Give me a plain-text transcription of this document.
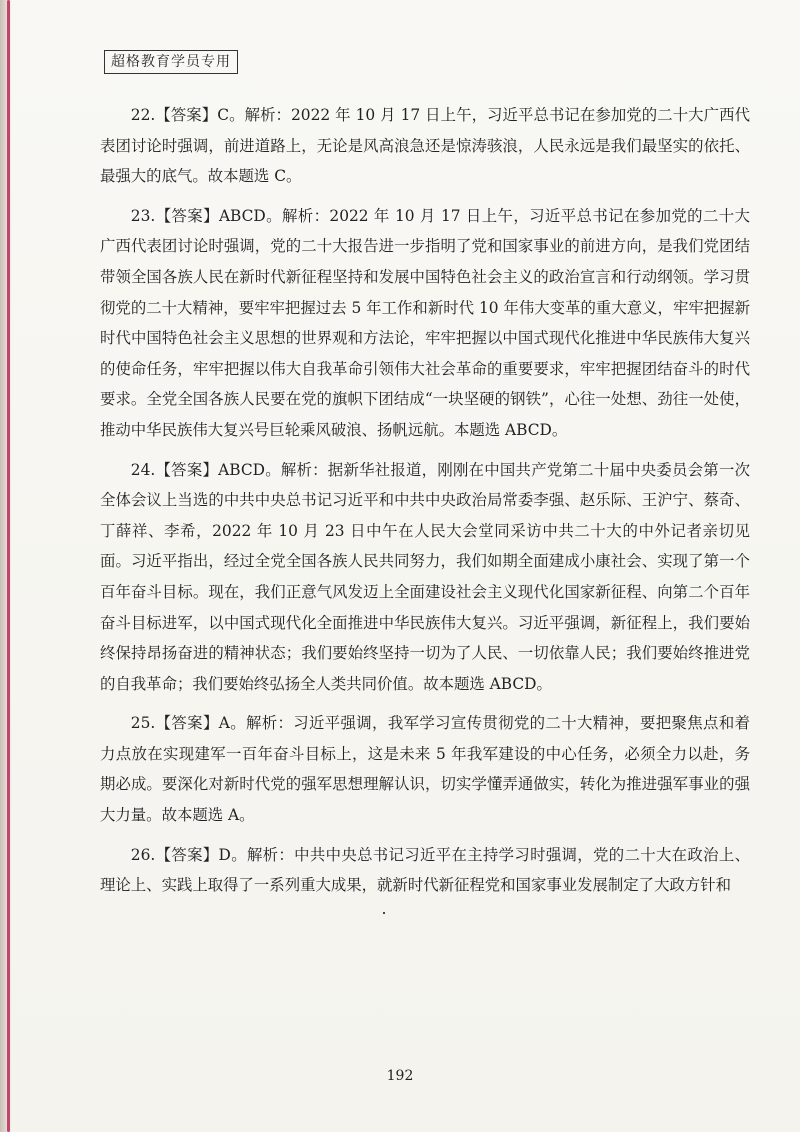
超格教育学员专用

22.【答案】C。解析：2022 年 10 月 17 日上午，习近平总书记在参加党的二十大广西代表团讨论时强调，前进道路上，无论是风高浪急还是惊涛骇浪，人民永远是我们最坚实的依托、最强大的底气。故本题选 C。

23.【答案】ABCD。解析：2022 年 10 月 17 日上午，习近平总书记在参加党的二十大广西代表团讨论时强调，党的二十大报告进一步指明了党和国家事业的前进方向，是我们党团结带领全国各族人民在新时代新征程坚持和发展中国特色社会主义的政治宣言和行动纲领。学习贯彻党的二十大精神，要牢牢把握过去 5 年工作和新时代 10 年伟大变革的重大意义，牢牢把握新时代中国特色社会主义思想的世界观和方法论，牢牢把握以中国式现代化推进中华民族伟大复兴的使命任务，牢牢把握以伟大自我革命引领伟大社会革命的重要要求，牢牢把握团结奋斗的时代要求。全党全国各族人民要在党的旗帜下团结成“一块坚硬的钢铁”，心往一处想、劲往一处使，推动中华民族伟大复兴号巨轮乘风破浪、扬帆远航。本题选 ABCD。

24.【答案】ABCD。解析：据新华社报道，刚刚在中国共产党第二十届中央委员会第一次全体会议上当选的中共中央总书记习近平和中共中央政治局常委李强、赵乐际、王沪宁、蔡奇、丁薛祥、李希，2022 年 10 月 23 日中午在人民大会堂同采访中共二十大的中外记者亲切见面。习近平指出，经过全党全国各族人民共同努力，我们如期全面建成小康社会、实现了第一个百年奋斗目标。现在，我们正意气风发迈上全面建设社会主义现代化国家新征程、向第二个百年奋斗目标进军，以中国式现代化全面推进中华民族伟大复兴。习近平强调，新征程上，我们要始终保持昂扬奋进的精神状态；我们要始终坚持一切为了人民、一切依靠人民；我们要始终推进党的自我革命；我们要始终弘扬全人类共同价值。故本题选 ABCD。

25.【答案】A。解析：习近平强调，我军学习宣传贯彻党的二十大精神，要把聚焦点和着力点放在实现建军一百年奋斗目标上，这是未来 5 年我军建设的中心任务，必须全力以赴，务期必成。要深化对新时代党的强军思想理解认识，切实学懂弄通做实，转化为推进强军事业的强大力量。故本题选 A。

26.【答案】D。解析：中共中央总书记习近平在主持学习时强调，党的二十大在政治上、理论上、实践上取得了一系列重大成果，就新时代新征程党和国家事业发展制定了大政方针和

192
